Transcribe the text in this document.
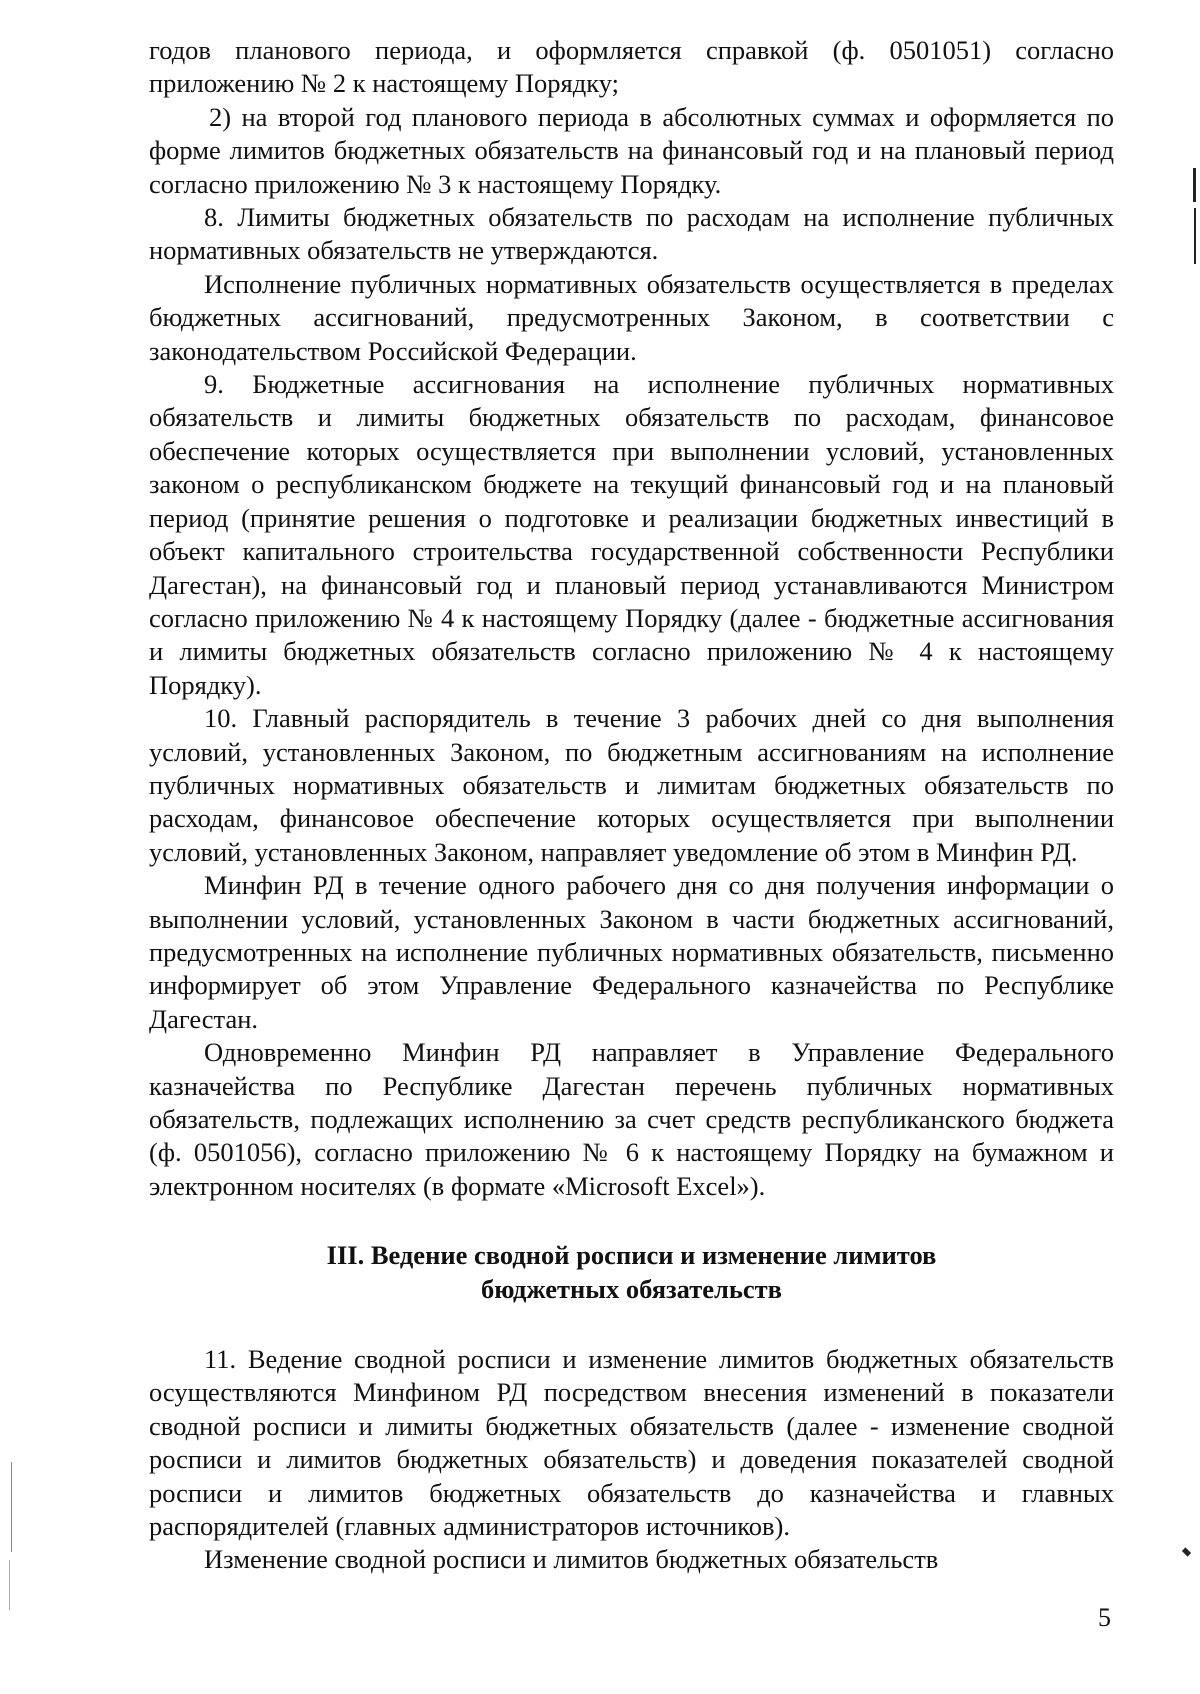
годов планового периода, и оформляется справкой (ф. 0501051) согласно приложению № 2 к настоящему Порядку;

2) на второй год планового периода в абсолютных суммах и оформляется по форме лимитов бюджетных обязательств на финансовый год и на плановый период согласно приложению № 3 к настоящему Порядку.

8. Лимиты бюджетных обязательств по расходам на исполнение публичных нормативных обязательств не утверждаются.

Исполнение публичных нормативных обязательств осуществляется в пределах бюджетных ассигнований, предусмотренных Законом, в соответствии с законодательством Российской Федерации.

9. Бюджетные ассигнования на исполнение публичных нормативных обязательств и лимиты бюджетных обязательств по расходам, финансовое обеспечение которых осуществляется при выполнении условий, установленных законом о республиканском бюджете на текущий финансовый год и на плановый период (принятие решения о подготовке и реализации бюджетных инвестиций в объект капитального строительства государственной собственности Республики Дагестан), на финансовый год и плановый период устанавливаются Министром согласно приложению № 4 к настоящему Порядку (далее - бюджетные ассигнования и лимиты бюджетных обязательств согласно приложению № 4 к настоящему Порядку).

10. Главный распорядитель в течение 3 рабочих дней со дня выполнения условий, установленных Законом, по бюджетным ассигнованиям на исполнение публичных нормативных обязательств и лимитам бюджетных обязательств по расходам, финансовое обеспечение которых осуществляется при выполнении условий, установленных Законом, направляет уведомление об этом в Минфин РД.

Минфин РД в течение одного рабочего дня со дня получения информации о выполнении условий, установленных Законом в части бюджетных ассигнований, предусмотренных на исполнение публичных нормативных обязательств, письменно информирует об этом Управление Федерального казначейства по Республике Дагестан.

Одновременно Минфин РД направляет в Управление Федерального казначейства по Республике Дагестан перечень публичных нормативных обязательств, подлежащих исполнению за счет средств республиканского бюджета (ф. 0501056), согласно приложению № 6 к настоящему Порядку на бумажном и электронном носителях (в формате «Microsoft Excel»).

III. Ведение сводной росписи и изменение лимитов
бюджетных обязательств

11. Ведение сводной росписи и изменение лимитов бюджетных обязательств осуществляются Минфином РД посредством внесения изменений в показатели сводной росписи и лимиты бюджетных обязательств (далее - изменение сводной росписи и лимитов бюджетных обязательств) и доведения показателей сводной росписи и лимитов бюджетных обязательств до казначейства и главных распорядителей (главных администраторов источников).

Изменение сводной росписи и лимитов бюджетных обязательств

5
